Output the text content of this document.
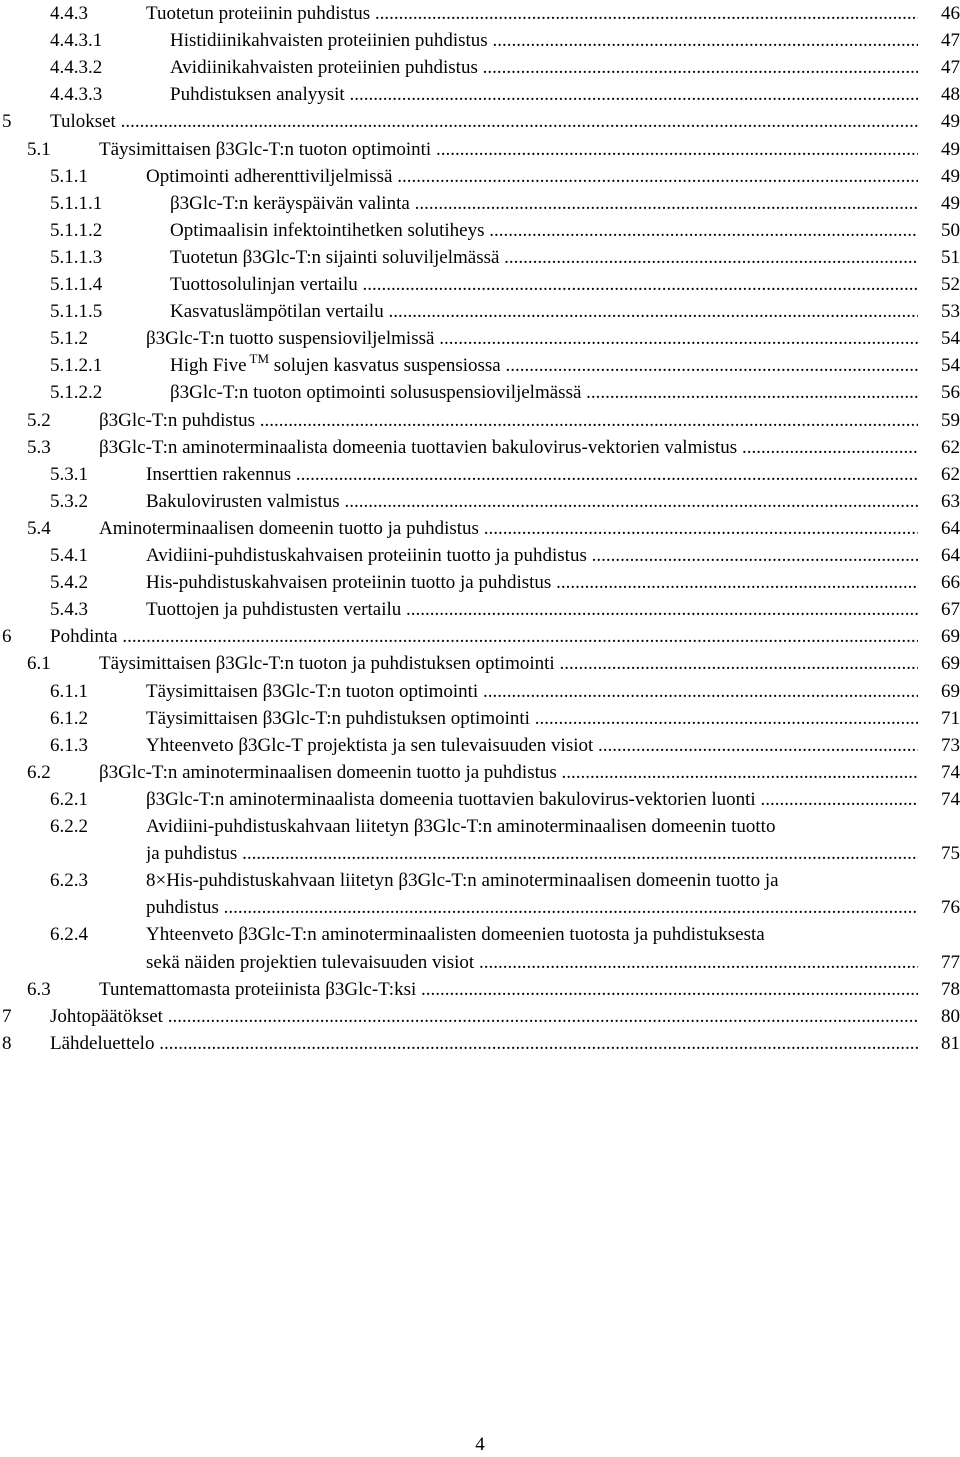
4.4.3	Tuotetun proteiinin puhdistus .....	46
4.4.3.1	Histidiinikahvaisten proteiinien puhdistus .....	47
4.4.3.2	Avidiinikahvaisten proteiinien puhdistus .....	47
4.4.3.3	Puhdistuksen analyysit .....	48
5 Tulokset .....	49
5.1	Täysimittaisen β3Glc-T:n tuoton optimointi .....	49
5.1.1	Optimointi adherenttiviljelmissä .....	49
5.1.1.1	β3Glc-T:n keräyspäivän valinta .....	49
5.1.1.2	Optimaalisin infektointihetken solutiheys .....	50
5.1.1.3	Tuotetun β3Glc-T:n sijainti soluviljelmässä .....	51
5.1.1.4	Tuottosolulinjan vertailu .....	52
5.1.1.5	Kasvatuslämpötilan vertailu .....	53
5.1.2	β3Glc-T:n tuotto suspensioviljelmissä .....	54
5.1.2.1	High Five ™ solujen kasvatus suspensiossa .....	54
5.1.2.2	β3Glc-T:n tuoton optimointi solususpensioviljelmässä .....	56
5.2	β3Glc-T:n puhdistus .....	59
5.3	β3Glc-T:n aminoterminaalista domeenia tuottavien bakulovirus-vektorien valmistus .....	62
5.3.1	Inserttien rakennus .....	62
5.3.2	Bakulovirusten valmistus .....	63
5.4	Aminoterminaalisen domeenin tuotto ja puhdistus .....	64
5.4.1	Avidiini-puhdistuskahvaisen proteiinin tuotto ja puhdistus .....	64
5.4.2	His-puhdistuskahvaisen proteiinin tuotto ja puhdistus .....	66
5.4.3	Tuottojen ja puhdistusten vertailu .....	67
6 Pohdinta .....	69
6.1	Täysimittaisen β3Glc-T:n tuoton ja puhdistuksen optimointi .....	69
6.1.1	Täysimittaisen β3Glc-T:n tuoton optimointi .....	69
6.1.2	Täysimittaisen β3Glc-T:n puhdistuksen optimointi .....	71
6.1.3	Yhteenveto β3Glc-T projektista ja sen tulevaisuuden visiot .....	73
6.2	β3Glc-T:n aminoterminaalisen domeenin tuotto ja puhdistus .....	74
6.2.1	β3Glc-T:n aminoterminaalista domeenia tuottavien bakulovirus-vektorien luonti .....	74
6.2.2	Avidiini-puhdistuskahvaan liitetyn β3Glc-T:n aminoterminaalisen domeenin tuotto
ja puhdistus .....	75
6.2.3	8×His-puhdistuskahvaan liitetyn β3Glc-T:n aminoterminaalisen domeenin tuotto ja
puhdistus .....	76
6.2.4	Yhteenveto β3Glc-T:n aminoterminaalisten domeenien tuotosta ja puhdistuksesta
sekä näiden projektien tulevaisuuden visiot .....	77
6.3	Tuntemattomasta proteiinista β3Glc-T:ksi .....	78
7 Johtopäätökset .....	80
8 Lähdeluettelo .....	81
4
